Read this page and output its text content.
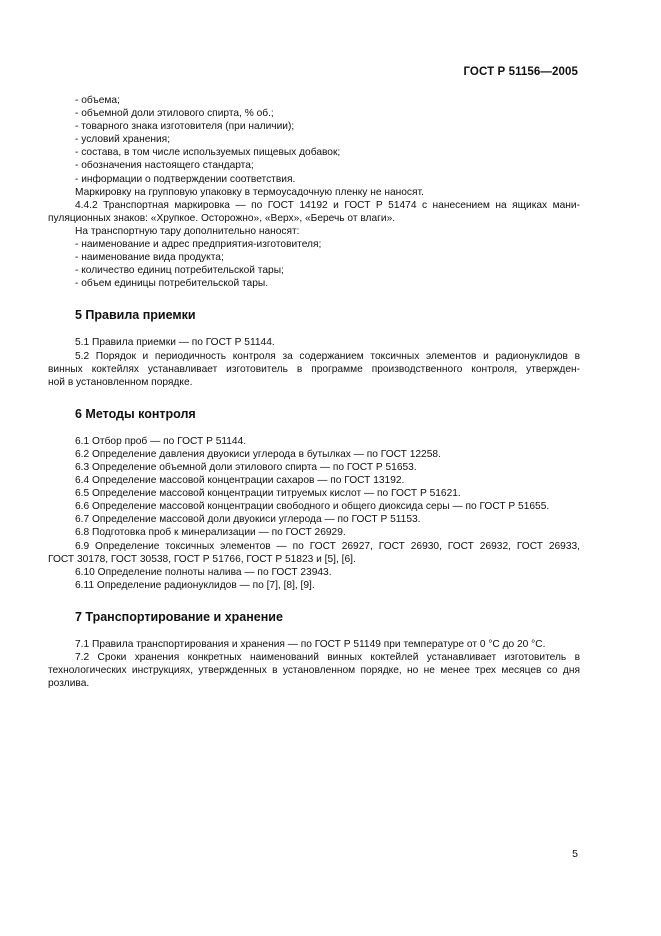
ГОСТ Р 51156—2005
- объема;
- объемной доли этилового спирта, % об.;
- товарного знака изготовителя (при наличии);
- условий хранения;
- состава, в том числе используемых пищевых добавок;
- обозначения настоящего стандарта;
- информации о подтверждении соответствия.
Маркировку на групповую упаковку в термоусадочную пленку не наносят.
4.4.2 Транспортная маркировка — по ГОСТ 14192 и ГОСТ Р 51474 с нанесением на ящиках мани-
пуляционных знаков: «Хрупкое. Осторожно», «Верх», «Беречь от влаги».
На транспортную тару дополнительно наносят:
- наименование и адрес предприятия-изготовителя;
- наименование вида продукта;
- количество единиц потребительской тары;
- объем единицы потребительской тары.
5 Правила приемки
5.1 Правила приемки — по ГОСТ Р 51144.
5.2 Порядок и периодичность контроля за содержанием токсичных элементов и радионуклидов в
винных коктейлях устанавливает изготовитель в программе производственного контроля, утвержден-
ной в установленном порядке.
6 Методы контроля
6.1 Отбор проб — по ГОСТ Р 51144.
6.2 Определение давления двуокиси углерода в бутылках — по ГОСТ 12258.
6.3 Определение объемной доли этилового спирта — по ГОСТ Р 51653.
6.4 Определение массовой концентрации сахаров — по ГОСТ 13192.
6.5 Определение массовой концентрации титруемых кислот — по ГОСТ Р 51621.
6.6 Определение массовой концентрации свободного и общего диоксида серы — по ГОСТ Р 51655.
6.7 Определение массовой доли двуокиси углерода — по ГОСТ Р 51153.
6.8 Подготовка проб к минерализации — по ГОСТ 26929.
6.9 Определение токсичных элементов — по ГОСТ 26927, ГОСТ 26930, ГОСТ 26932, ГОСТ 26933,
ГОСТ 30178, ГОСТ 30538, ГОСТ Р 51766, ГОСТ Р 51823 и [5], [6].
6.10 Определение полноты налива — по ГОСТ 23943.
6.11 Определение радионуклидов — по [7], [8], [9].
7 Транспортирование и хранение
7.1 Правила транспортирования и хранения — по ГОСТ Р 51149 при температуре от 0 °С до 20 °С.
7.2 Сроки хранения конкретных наименований винных коктейлей устанавливает изготовитель в
технологических инструкциях, утвержденных в установленном порядке, но не менее трех месяцев со дня
розлива.
5
